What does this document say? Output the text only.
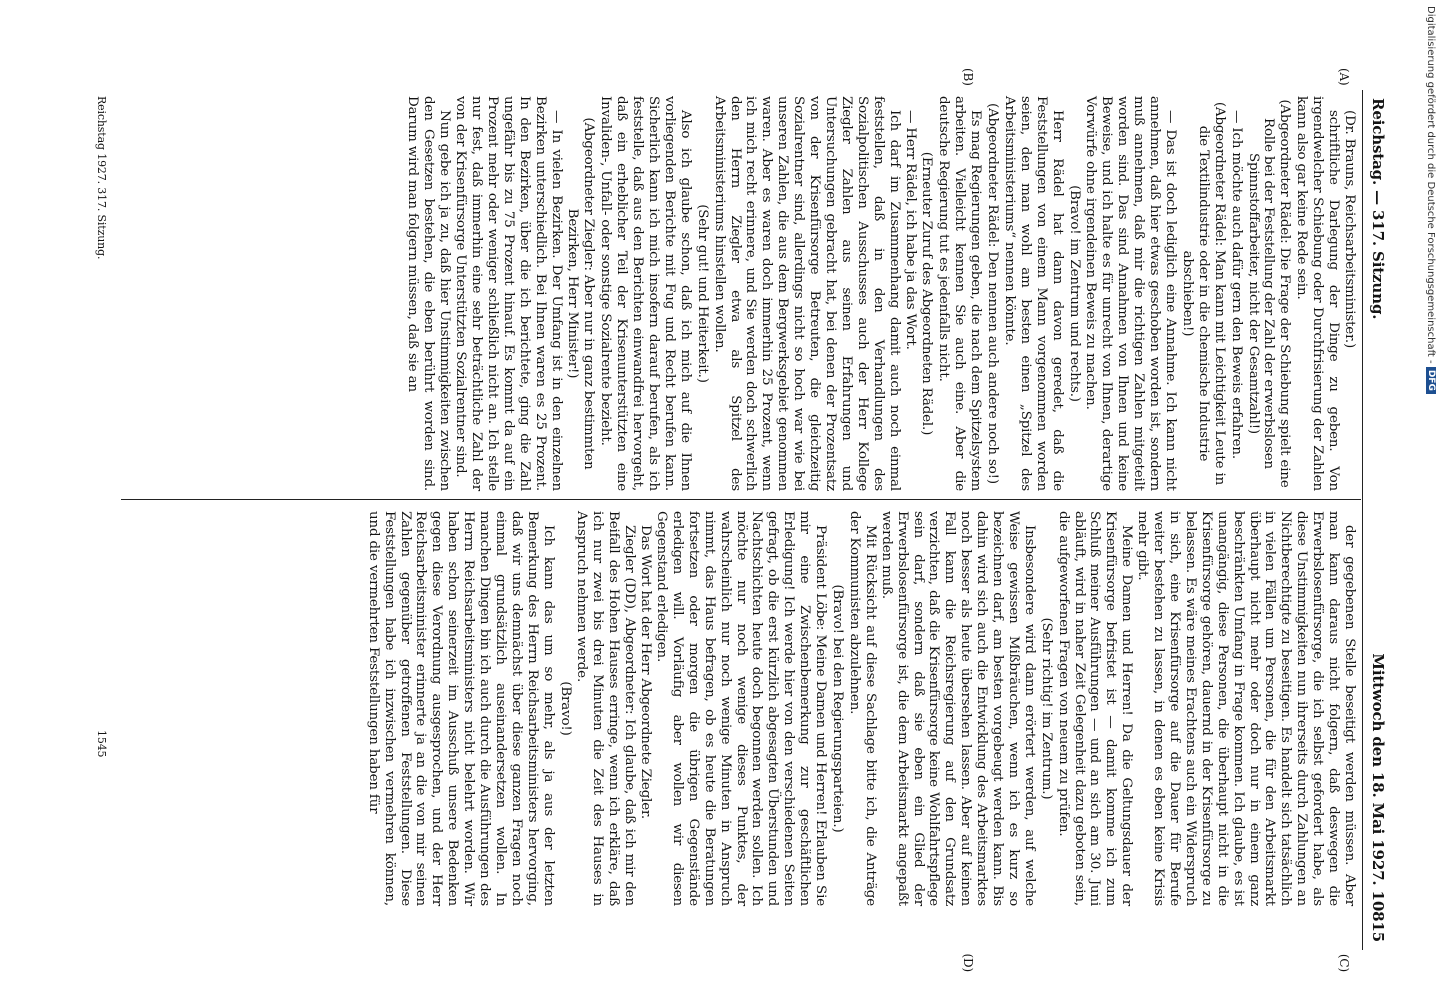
Reichstag. — 317. Sitzung.
Mittwoch den 18. Mai 1927. 10815
(A)
(B)
(C)
(D)

(Dr. Brauns, Reichsarbeitsminister.)

schriftliche Darlegung der Dinge zu geben. Von irgendwelcher Schiebung oder Durchfrisierung der Zahlen kann also gar keine Rede sein.

(Abgeordneter Rädel: Die Frage der Schiebung spielt eine Rolle bei der Feststellung der Zahl der erwerbslosen Spinnstoffarbeiter, nicht der Gesamtzahl!)

— Ich möchte auch dafür gern den Beweis erfahren.

(Abgeordneter Rädel: Man kann mit Leichtigkeit Leute in die Textilindustrie oder in die chemische Industrie abschieben!)

— Das ist doch lediglich eine Annahme. Ich kann nicht annehmen, daß hier etwas geschoben worden ist, sondern muß annehmen, daß mir die richtigen Zahlen mitgeteilt worden sind. Das sind Annahmen von Ihnen und keine Beweise, und ich halte es für unrecht von Ihnen, derartige Vorwürfe ohne irgendeinen Beweis zu machen.

(Bravo! im Zentrum und rechts.)

Herr Rädel hat dann davon geredet, daß die Feststellungen von einem Mann vorgenommen worden seien, den man wohl am besten einen „Spitzel des Arbeitsministeriums“ nennen könnte.

(Abgeordneter Rädel: Den nennen auch andere noch so!)

Es mag Regierungen geben, die nach dem Spitzelsystem arbeiten. Vielleicht kennen Sie auch eine. Aber die deutsche Regierung tut es jedenfalls nicht.

(Erneuter Zuruf des Abgeordneten Rädel.)

— Herr Rädel, ich habe ja das Wort.

Ich darf im Zusammenhang damit auch noch einmal feststellen, daß in den Verhandlungen des Sozialpolitischen Ausschusses auch der Herr Kollege Ziegler Zahlen aus seinen Erfahrungen und Untersuchungen gebracht hat, bei denen der Prozentsatz von der Krisenfürsorge Betreuten, die gleichzeitig Sozialrentner sind, allerdings nicht so hoch war wie bei unseren Zahlen, die aus dem Bergwerksgebiet genommen waren. Aber es waren doch immerhin 25 Prozent, wenn ich mich recht erinnere, und Sie werden doch schwerlich den Herrn Ziegler etwa als Spitzel des Arbeitsministeriums hinstellen wollen.

(Sehr gut! und Heiterkeit.)

Also ich glaube schon, daß ich mich auf die Ihnen vorliegenden Berichte mit Fug und Recht berufen kann. Sicherlich kann ich mich insofern darauf berufen, als ich feststelle, daß aus den Berichten einwandfrei hervorgeht, daß ein erheblicher Teil der Krisenunterstützten eine Invaliden-, Unfall- oder sonstige Sozialrente bezieht.

(Abgeordneter Ziegler: Aber nur in ganz bestimmten Bezirken, Herr Minister!)

— In vielen Bezirken. Der Umfang ist in den einzelnen Bezirken unterschiedlich. Bei Ihnen waren es 25 Prozent. In den Bezirken, über die ich berichtete, ging die Zahl ungefähr bis zu 75 Prozent hinauf. Es kommt da auf ein Prozent mehr oder weniger schließlich nicht an. Ich stelle nur fest, daß immerhin eine sehr beträchtliche Zahl der von der Krisenfürsorge Unterstützten Sozialrentner sind.

Nun gebe ich ja zu, daß hier Unstimmigkeiten zwischen den Gesetzen bestehen, die eben berührt worden sind. Darum wird man folgern müssen, daß sie an

der gegebenen Stelle beseitigt werden müssen. Aber man kann daraus nicht folgern, daß deswegen die Erwerbslosenfürsorge, die ich selbst gefordert habe, als diese Unstimmigkeiten nun ihrerseits durch Zahlungen an Nichtberechtigte zu beseitigen. Es handelt sich tatsächlich in vielen Fällen um Personen, die für den Arbeitsmarkt überhaupt nicht mehr oder doch nur in einem ganz beschränkten Umfang in Frage kommen. Ich glaube, es ist unangängig, diese Personen, die überhaupt nicht in die Krisenfürsorge gehören, dauernd in der Krisenfürsorge zu belassen. Es wäre meines Erachtens auch ein Widerspruch in sich, eine Krisenfürsorge auf die Dauer für Berufe weiter bestehen zu lassen, in denen es eben keine Krisis mehr gibt.

Meine Damen und Herren! Da die Geltungsdauer der Krisenfürsorge befristet ist — damit komme ich zum Schluß meiner Ausführungen — und an sich am 30. Juni abläuft, wird in naher Zeit Gelegenheit dazu geboten sein, die aufgeworfenen Fragen von neuem zu prüfen.

(Sehr richtig! im Zentrum.)

Insbesondere wird dann erörtert werden, auf welche Weise gewissen Mißbräuchen, wenn ich es kurz so bezeichnen darf, am besten vorgebeugt werden kann. Bis dahin wird sich auch die Entwicklung des Arbeitsmarktes noch besser als heute übersehen lassen. Aber auf keinen Fall kann die Reichsregierung auf den Grundsatz verzichten, daß die Krisenfürsorge keine Wohlfahrtspflege sein darf, sondern daß sie eben ein Glied der Erwerbslosenfürsorge ist, die dem Arbeitsmarkt angepaßt werden muß.

Mit Rücksicht auf diese Sachlage bitte ich, die Anträge der Kommunisten abzulehnen.

(Bravo! bei den Regierungsparteien.)

Präsident Löbe: Meine Damen und Herren! Erlauben Sie mir eine Zwischenbemerkung zur geschäftlichen Erledigung! Ich werde hier von den verschiedenen Seiten gefragt, ob die erst kürzlich abgesagten Überstunden und Nachtschichten heute doch begonnen werden sollen. Ich möchte nur noch wenige dieses Punktes, der wahrscheinlich nur noch wenige Minuten in Anspruch nimmt, das Haus befragen, ob es heute die Beratungen fortsetzen oder morgen die übrigen Gegenstände erledigen will. Vorläufig aber wollen wir diesen Gegenstand erledigen.

Das Wort hat der Herr Abgeordnete Ziegler.

Ziegler (DD), Abgeordneter: Ich glaube, daß ich mir den Beifall des Hohen Hauses erringe, wenn ich erkläre, daß ich nur zwei bis drei Minuten die Zeit des Hauses in Anspruch nehmen werde.

(Bravo!)

Ich kann das um so mehr, als ja aus der letzten Bemerkung des Herrn Reichsarbeitsministers hervorging, daß wir uns demnächst über diese ganzen Fragen noch einmal grundsätzlich auseinandersetzen wollen. In manchen Dingen bin ich auch durch die Ausführungen des Herrn Reichsarbeitsministers nicht belehrt worden. Wir haben schon seinerzeit im Ausschuß unsere Bedenken gegen diese Verordnung ausgesprochen, und der Herr Reichsarbeitsminister erinnerte ja an die von mir seinen Zahlen gegenüber getroffenen Feststellungen. Diese Feststellungen habe ich inzwischen vermehren können, und die vermehrten Feststellungen haben für

Reichstag 1927. 317. Sitzung.
1545
Digitalisierung gefördert durch die Deutsche Forschungsgemeinschaft - DFG
